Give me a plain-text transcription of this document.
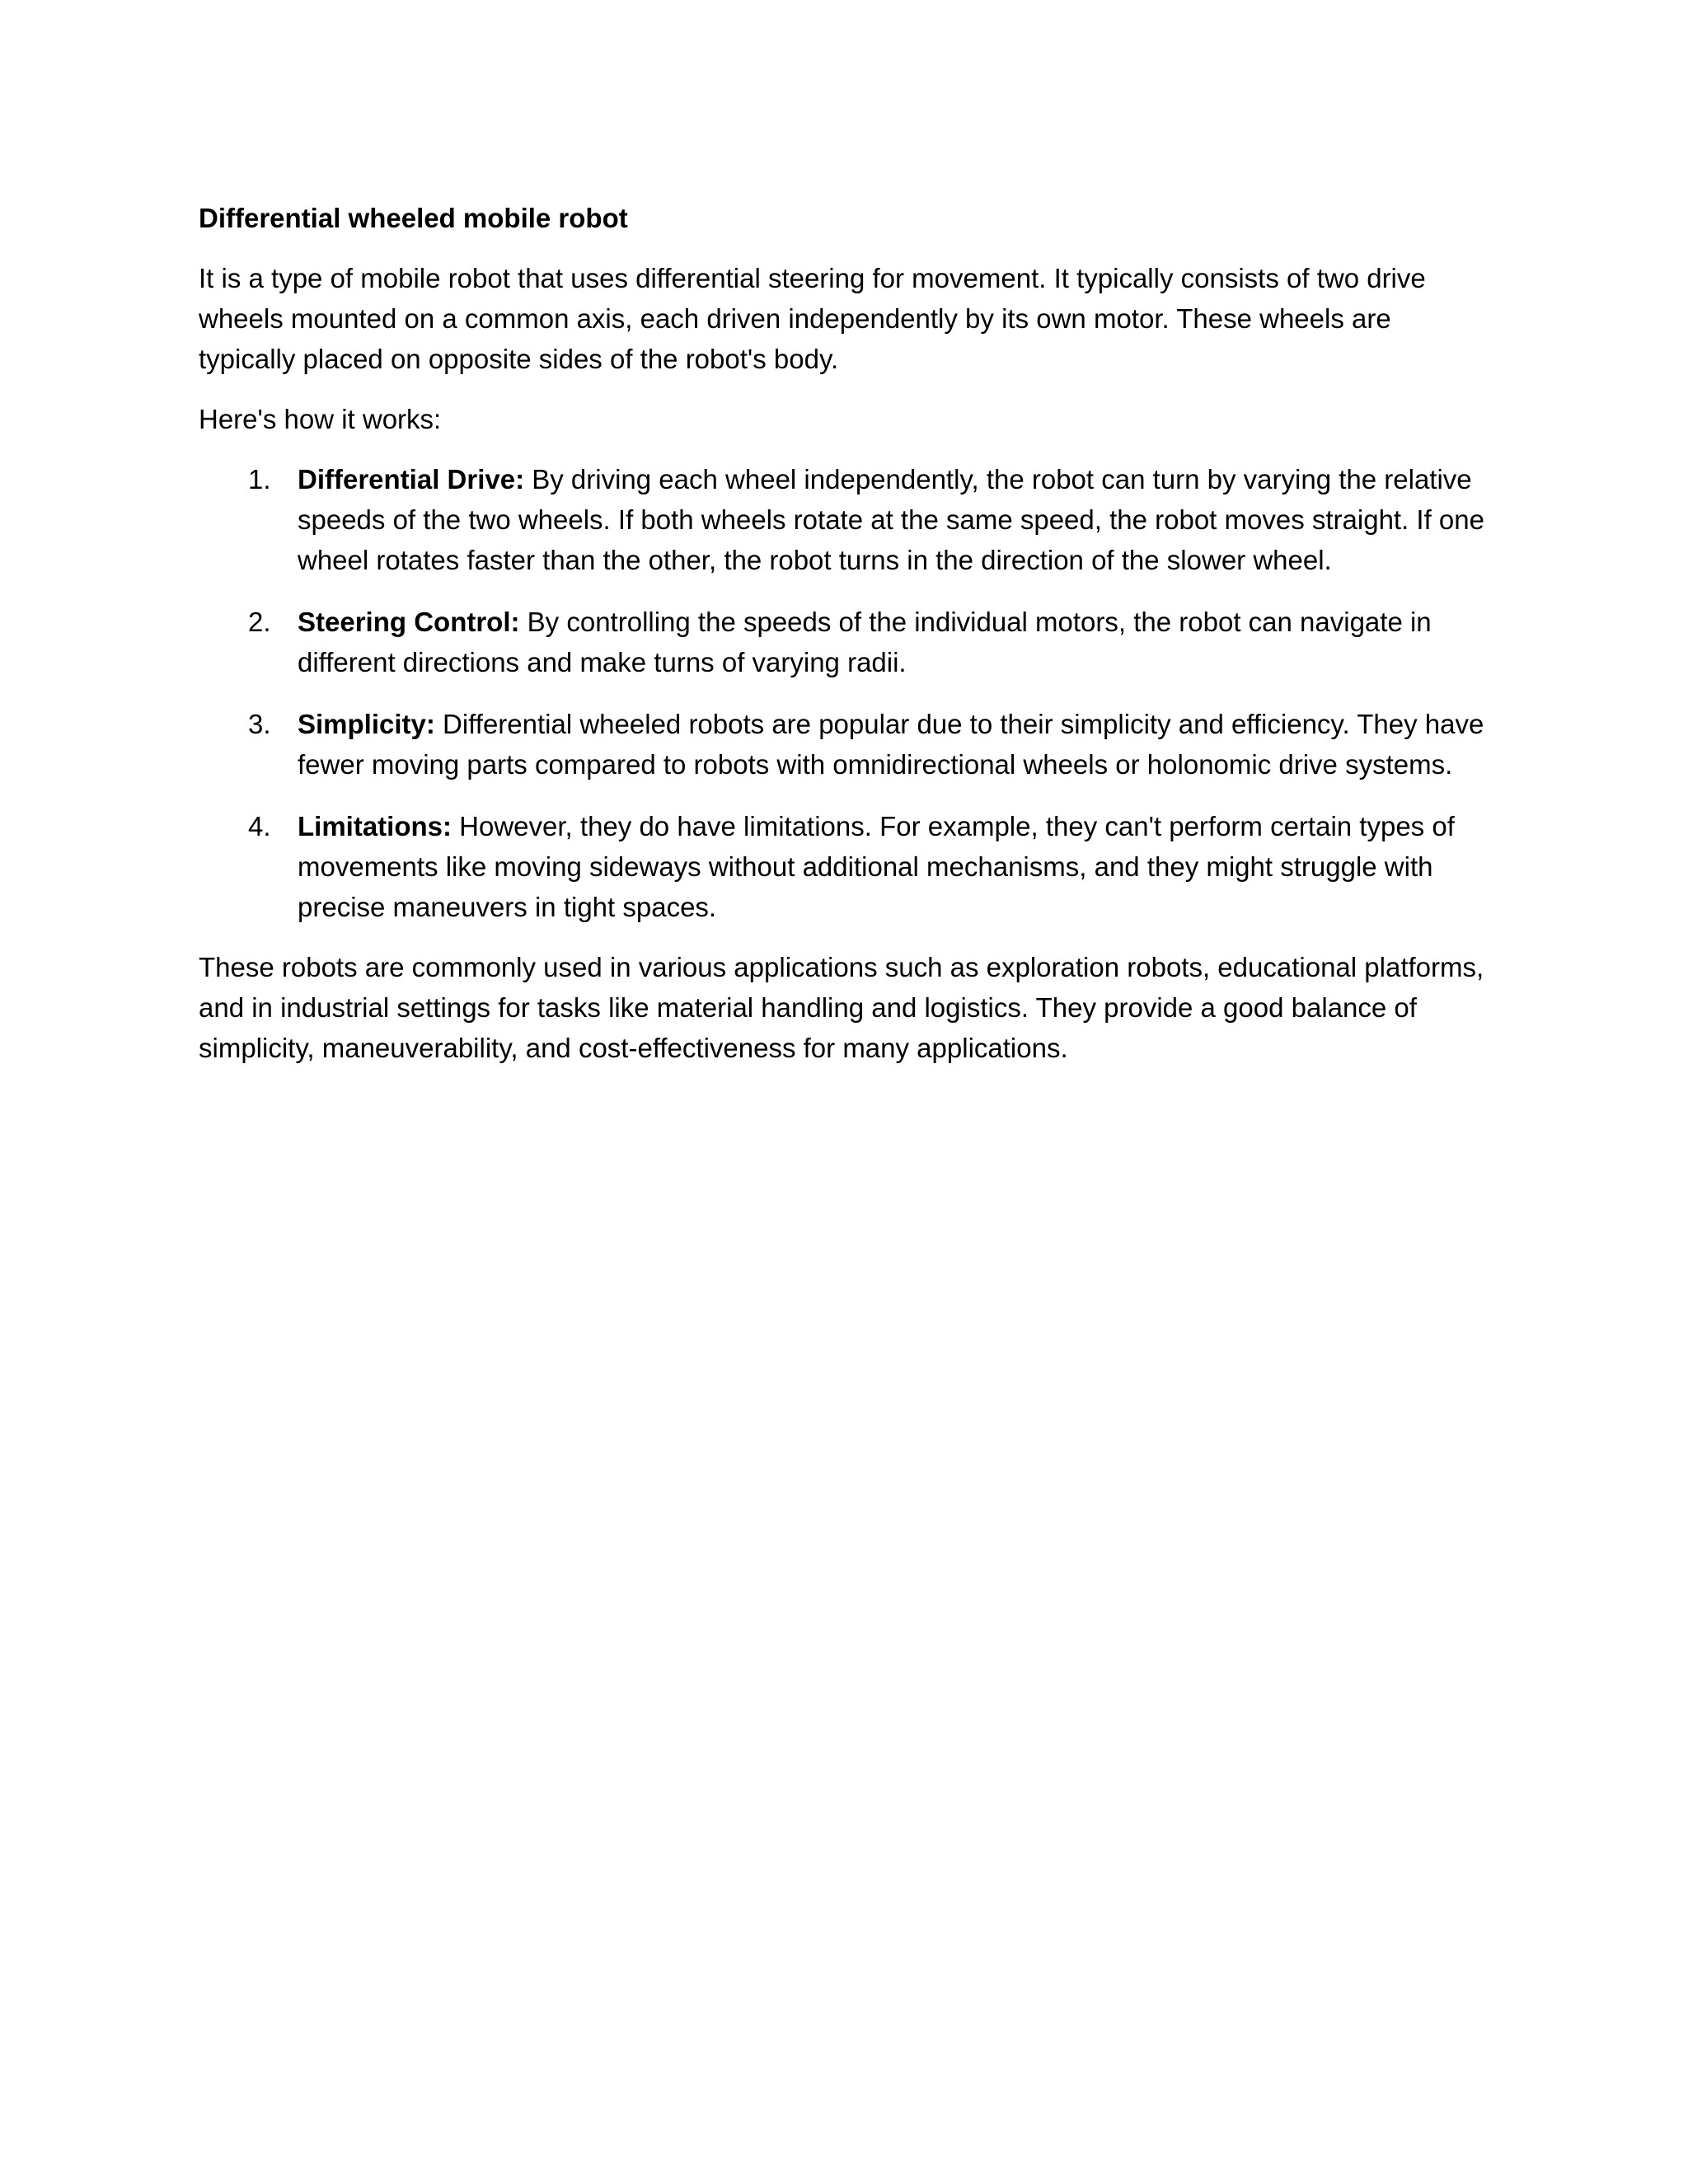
Differential wheeled mobile robot

It is a type of mobile robot that uses differential steering for movement. It typically consists of two drive wheels mounted on a common axis, each driven independently by its own motor. These wheels are typically placed on opposite sides of the robot's body.

Here's how it works:

1. Differential Drive: By driving each wheel independently, the robot can turn by varying the relative speeds of the two wheels. If both wheels rotate at the same speed, the robot moves straight. If one wheel rotates faster than the other, the robot turns in the direction of the slower wheel.
2. Steering Control: By controlling the speeds of the individual motors, the robot can navigate in different directions and make turns of varying radii.
3. Simplicity: Differential wheeled robots are popular due to their simplicity and efficiency. They have fewer moving parts compared to robots with omnidirectional wheels or holonomic drive systems.
4. Limitations: However, they do have limitations. For example, they can't perform certain types of movements like moving sideways without additional mechanisms, and they might struggle with precise maneuvers in tight spaces.

These robots are commonly used in various applications such as exploration robots, educational platforms, and in industrial settings for tasks like material handling and logistics. They provide a good balance of simplicity, maneuverability, and cost-effectiveness for many applications.
